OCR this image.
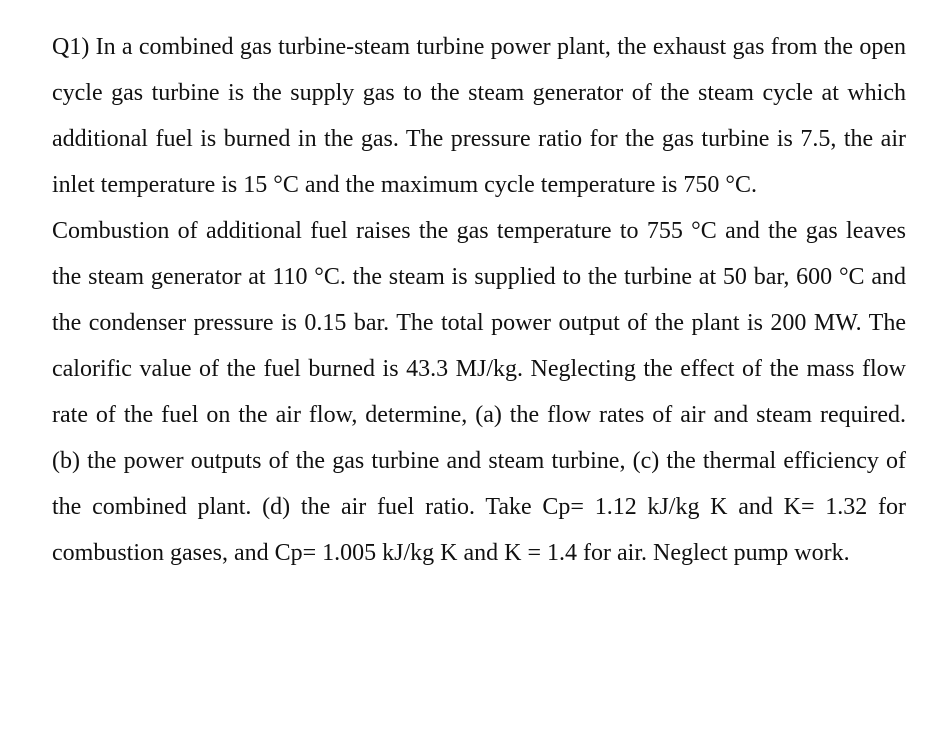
Q1) In a combined gas turbine-steam turbine power plant, the exhaust gas from the open cycle gas turbine is the supply gas to the steam generator of the steam cycle at which additional fuel is burned in the gas. The pressure ratio for the gas turbine is 7.5, the air inlet temperature is 15 °C and the maximum cycle temperature is 750 °C.

Combustion of additional fuel raises the gas temperature to 755 °C and the gas leaves the steam generator at 110 °C. the steam is supplied to the turbine at 50 bar, 600 °C and the condenser pressure is 0.15 bar. The total power output of the plant is 200 MW. The calorific value of the fuel burned is 43.3 MJ/kg. Neglecting the effect of the mass flow rate of the fuel on the air flow, determine, (a) the flow rates of air and steam required. (b) the power outputs of the gas turbine and steam turbine, (c) the thermal efficiency of the combined plant. (d) the air fuel ratio. Take Cp= 1.12 kJ/kg K and K= 1.32 for combustion gases, and Cp= 1.005 kJ/kg K and K = 1.4 for air. Neglect pump work.
